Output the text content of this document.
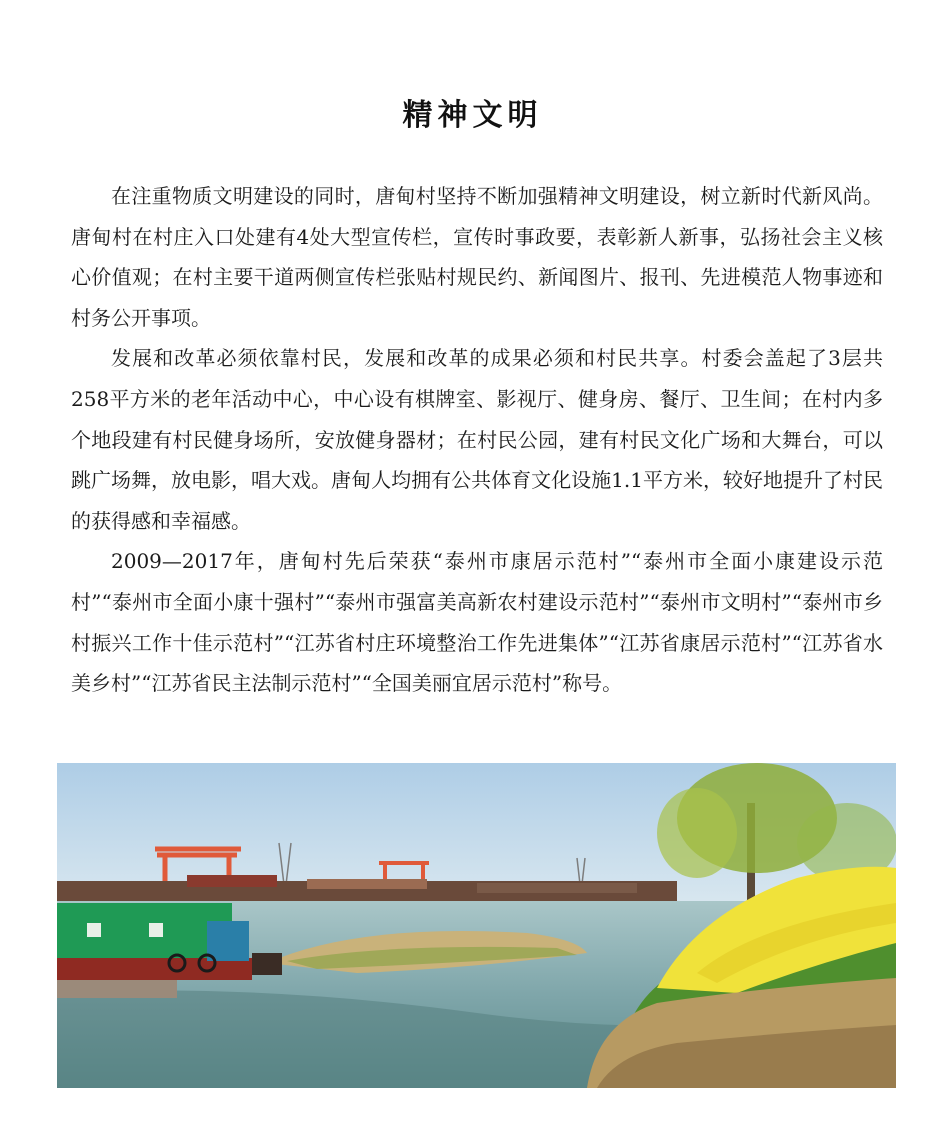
精神文明

在注重物质文明建设的同时，唐甸村坚持不断加强精神文明建设，树立新时代新风尚。唐甸村在村庄入口处建有4处大型宣传栏，宣传时事政要，表彰新人新事，弘扬社会主义核心价值观；在村主要干道两侧宣传栏张贴村规民约、新闻图片、报刊、先进模范人物事迹和村务公开事项。

发展和改革必须依靠村民，发展和改革的成果必须和村民共享。村委会盖起了3层共 258平方米的老年活动中心，中心设有棋牌室、影视厅、健身房、餐厅、卫生间；在村内多个地段建有村民健身场所，安放健身器材；在村民公园，建有村民文化广场和大舞台，可以跳广场舞，放电影，唱大戏。唐甸人均拥有公共体育文化设施1.1平方米，较好地提升了村民的获得感和幸福感。

2009—2017年，唐甸村先后荣获“泰州市康居示范村”“泰州市全面小康建设示范村”“泰州市全面小康十强村”“泰州市强富美高新农村建设示范村”“泰州市文明村”“泰州市乡村振兴工作十佳示范村”“江苏省村庄环境整治工作先进集体”“江苏省康居示范村”“江苏省水美乡村”“江苏省民主法制示范村”“全国美丽宜居示范村”称号。
